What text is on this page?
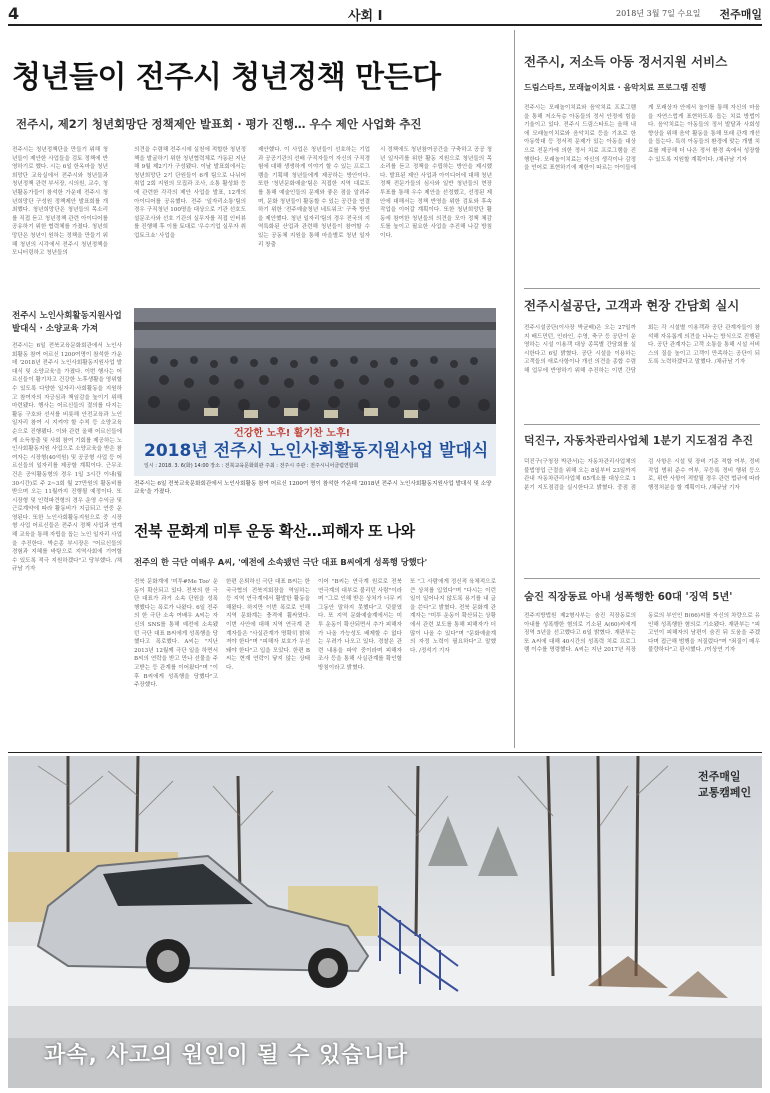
4	사회 I	2018년 3월 7일 수요일 전주매일
청년들이 전주시 청년정책 만든다
전주시, 제2기 청년회망단 정책제안 발표회 · 평가 진행… 우수 제안 사업화 추진
전주시는 청년정책단을 만들기 위해 청년들이 제안한 사업들을 검토 정책에 반영하기로 했다. 시는 6일 한옥마을 청년희망단 교육실에서 전주시와 청년들과 청년정책 관련 부서장, 시의원, 교수, 청년활동가들이 참석한 가운데 전주시 청년희망단 구성원 정책제안 발표회를 개최했다. 청년희망단은 청년들의 목소리를 직접 듣고 청년정책 관련 아이디어를 공유하기 위한 협력체를 가졌다. 청년희망단은 청년이 원하는 정책을 만들기 위해 청년의 시각에서 전주시 청년정책을 모니터링하고 청년들의
의견을 수렴해 전주시에 실천에 적합한 청년정책을 발굴하기 위한 청년협력체로 가동된 지난해 9월 제2기가 구성됐다. 이날 발표회에서는 청년희망단 2기 단원들이 6개 팀으로 나뉘어 취업 2회 지원의 모집과 조사, 소통 활성화 등에 관련한 각각의 제안 사업을 발표, 12개의 아이디어를 공유했다. 전주 '일자리소통'팀의 경우 구직청년 100명을 대상으로 기관 선호도 설문조사와 선호 기관의 실무자를 직접 인터뷰를 진행해 후 이를 토대로 '우수기업 실무자 취업토크쇼' 사업을
제안했다. 이 사업은 청년들이 선호하는 기업과 공공기관의 선배 구직자들이 자신의 구직경험에 대해 생생하게 이야기 할 수 있는 프로그램을 기획해 청년들에게 제공하는 방안이다. 또한 '청년문화예술'팀은 직접한 지역 대료도를 통해 예술인들의 문제와 좋은 점을 알려주며, 문화 청년들이 활동할 수 있는 공간을 연결하기 위한 '전주예술청년 네트워크' 구축 방안을 제안했다. 청년 일자리'팀의 경우 전국의 지역특화된 산업과 관련해 청년들이 참여할 수 있는 공동체 지원을 통해 마을별로 청년 일자리 창출
시 정책에도 청년참여공간을 구축하고 공공 청년 일자리를 위한 활동 지원으로 청년들의 목소리를 듣고 정책을 수립하는 방안을 제시했다. 발표된 제안 사업과 아이디어에 대해 청년정책 전문가들의 심사와 일반 청년들의 현장 투표를 통해 우수 제안을 선정했고, 선정된 제안에 대해서는 정책 반영을 위한 검토와 후속 작업을 이어갈 계획이다. 또한 청년희망단 활동에 참여한 청년들의 의견을 모아 정책 체감도를 높이고 필요한 사업을 추진해 나갈 방침이다.
전주시 노인사회활동지원사업 발대식 · 소양교육 가져
전주시는 6일 전북교육문화회관에서 노인사회활동 참여 어르신 1200여명이 참석한 가운데 '2018년 전주시 노인사회활동지원사업 발대식 및 소양교육'을 가졌다. 이번 행사는 어르신들이 활기차고 건강한 노후생활을 영위할 수 있도록 다양한 일자리·사회활동을 지원하고 참여자의 자긍심과 책임감을 높이기 위해 마련됐다. 행사는 어르신들의 결의를 다지는 활동 구호와 선서를 비롯해 안전교육과 노인 일자리 참여 시 지켜야 할 수칙 등 소양교육 순으로 진행됐다. 이와 관련 올해 어르신들에게 소득창출 및 사회 참여 기회를 제공하는 노인사회활동지원 사업으로 소양교육을 받은 참여자는 시장형(40억원) 및 공공형 사업 등 어르신들의 일자리를 제공할 계획이다. 근무조건은 공익활동형의 경우 1일 3시간 이내(월 30시간)로 주 2~3회 월 27만원의 활동비를 받으며 오는 11월까지 진행될 예정이다. 또 시장형 및 인력파견형의 경우 운영 수익금 및 근로계약에 따라 활동비가 지급되고 연중 운영된다. 또한 노인사회활동지원으로 중 시장형 사업 어르신들은 전주시 정책 사업과 연계해 교육을 통해 자립을 돕는 노인 일자리 사업을 추진한다. 박순종 부시장은 "어르신들의 경험과 지혜를 바탕으로 지역사회에 기여할 수 있도록 적극 지원하겠다"고 당부했다. /채규남 기자
건강한 노후! 활기찬 노후!
2018년 전주시 노인사회활동지원사업 발대식
일시 : 2018. 3. 6(화) 14:00 장소 : 전북교육문화회관 주최 : 전주시 주관 : 전주시니어클럽연합회
전주시는 6일 전북교육문화회관에서 노인사회활동 참여 어르신 1200여 명이 참석한 가운데 '2018년 전주시 노인사회활동지원사업 발대식 및 소양교육'을 가졌다.
전북 문화계 미투 운동 확산…피해자 또 나와
전주의 한 극단 여배우 A씨, '예전에 소속됐던 극단 대표 B씨에게 성폭행 당했다'
전북 문화계에 '미투#Me Too' 운동이 확산되고 있다. 전북의 한 극단 대표가 과거 소속 단원을 성폭행했다는 폭로가 나왔다. 6일 전주의 한 극단 소속 여배우 A씨는 자신의 SNS를 통해 예전에 소속됐던 극단 대표 B씨에게 성폭행을 당했다고 폭로했다. A씨는 "지난 2013년 12월께 극단 일을 하면서 B씨의 연락을 받고 만나 선물을 주고받는 등 관계를 이어왔다"며 "이후 B씨에게 성폭행을 당했다"고 주장했다.
한편 은퇴하신 극단 대표 B씨는 한국극협의 전북지회장을 역임하는 등 지역 연극계에서 활발한 활동을 해왔다. 하지만 이번 폭로로 인해 지역 문화계는 충격에 휩싸였다. 이번 사안에 대해 지역 연극계 관계자들은 "사실관계가 명확히 밝혀져야 한다"며 "피해자 보호가 우선돼야 한다"고 입을 모았다. 한편 B씨는 현재 연락이 닿지 않는 상태다.
이어 "B씨는 연극계 원로로 전북연극계의 대부로 불리던 사람"이라며 "그로 인해 받은 상처가 너무 커 그동안 말하지 못했다"고 덧붙였다. 또 지역 문화예술계에서는 미투 운동이 확산되면서 추가 피해자가 나올 가능성도 배제할 수 없다는 우려가 나오고 있다. 경찰은 관련 내용을 파악 중이라며 피해자 조사 등을 통해 사실관계를 확인할 방침이라고 밝혔다.
또 "그 사람에게 정신적 육체적으로 큰 상처를 입었다"며 "다시는 이런 일이 일어나지 않도록 용기를 내 글을 쓴다"고 밝혔다. 전북 문화계 관계자는 "미투 운동이 확산되는 상황에서 관련 보도를 통해 피해자가 더 많이 나올 수 있다"며 "문화예술계의 자정 노력이 필요하다"고 말했다. /정석기 기자
전주시, 저소득 아동 정서지원 서비스
드림스타트, 모래놀이치료 · 음악치료 프로그램 진행
전주시는 모래놀이치료와 음악치료 프로그램을 통해 저소득층 아동들의 정서 안정에 힘을 기울이고 있다. 전주시 드림스타트는 올해 내에 모래놀이치료와 음악치료 등을 기초로 한 아동학대 등 정서적 문제가 있는 아동을 대상으로 전문가에 의한 정서 치료 프로그램을 진행한다. 모래놀이치료는 자신의 생각이나 감정을 언어로 표현하기에 제한이 따르는 아이들에게 모래상자 안에서 놀이를 통해 자신의 마음을 자연스럽게 표현하도록 돕는 치료 방법이다. 음악치료는 아동들의 정서 발달과 사회성 향상을 위해 음악 활동을 통해 또래 관계 개선을 돕는다. 특히 아동들의 환경에 맞는 개별 치료를 제공해 더 나은 정서 환경 속에서 성장할 수 있도록 지원할 계획이다. /채규남 기자
전주시설공단, 고객과 현장 간담회 실시
전주시설공단(이사장 박균배)은 오는 27일까지 배드민턴, 인라인, 수영, 축구 등 공단이 운영하는 시설 이용객 대상 종목별 간담회를 실시한다고 6일 밝혔다. 공단 시설을 이용하는 고객들의 애로사항이나 개선 의견을 종합 수렴해 업무에 반영하기 위해 추진하는 이번 간담회는 각 시설별 이용객과 공단 관계자들이 참석해 자유롭게 의견을 나누는 방식으로 진행된다. 공단 관계자는 고객 소통을 통해 시설 서비스의 질을 높이고 고객이 만족하는 공단이 되도록 노력하겠다고 말했다. /채규남 기자
덕진구, 자동차관리사업체 1분기 지도점검 추진
덕진구(구청장 박관서)는 자동차관리사업체의 불법영업 근절을 위해 오는 8일부터 23일까지 관내 자동차관리사업체 65개소를 대상으로 1분기 지도점검을 실시한다고 밝혔다. 중점 점검 사항은 시설 및 장비 기준 적합 여부, 정비 작업 범위 준수 여부, 무등록 정비 행위 등으로, 위반 사항이 적발될 경우 관련 법규에 따라 행정처분을 할 계획이다. /채규남 기자
숨진 직장동료 아내 성폭행한 60대 '징역 5년'
전주지방법원 제2형사부는 숨진 직장동료의 아내를 성폭행한 혐의로 기소된 A(60)씨에게 징역 5년을 선고했다고 6일 밝혔다. 재판부는 또 A씨에 대해 40시간의 성폭력 치료 프로그램 이수를 명령했다. A씨는 지난 2017년 직장동료의 부인인 B(66)씨를 자신의 차량으로 유인해 성폭행한 혐의로 기소됐다. 재판부는 "피고인이 피해자의 남편이 숨진 뒤 도움을 주겠다며 접근해 범행을 저질렀다"며 "죄질이 매우 불량하다"고 판시했다. /이상연 기자
전주매일
교통캠페인
과속, 사고의 원인이 될 수 있습니다
